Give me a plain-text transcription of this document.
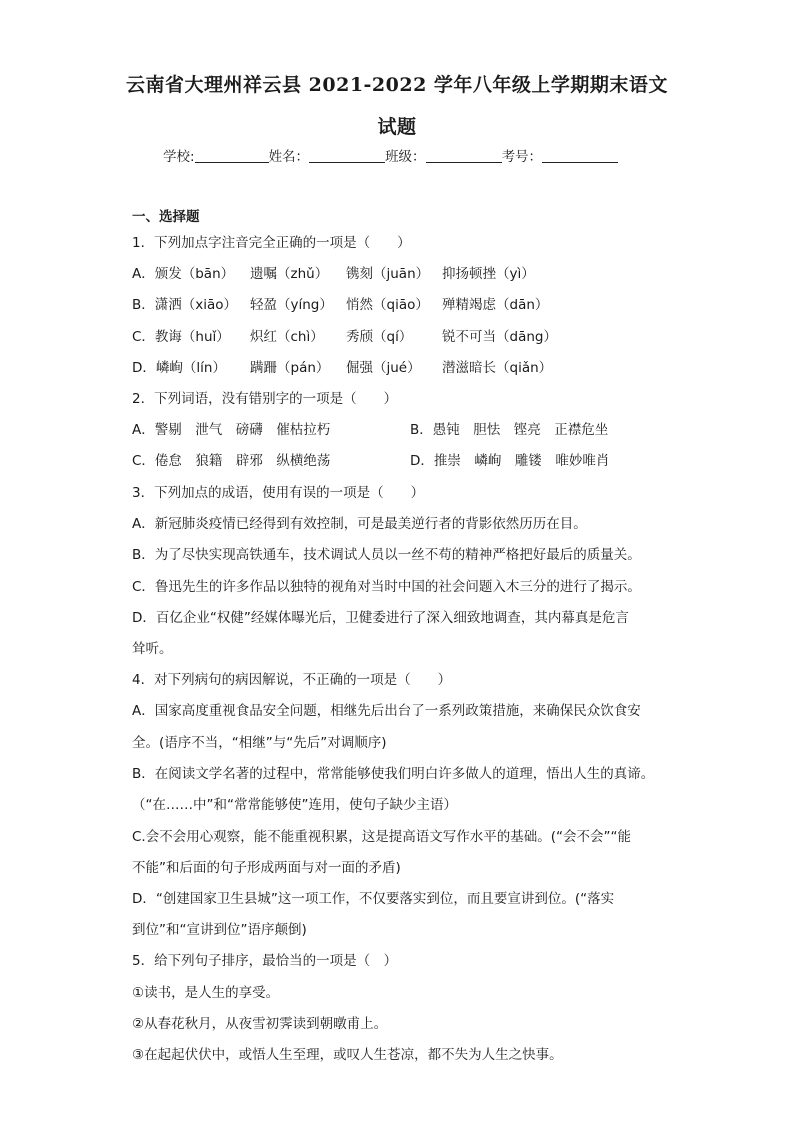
云南省大理州祥云县 2021-2022 学年八年级上学期期末语文
试题
学校:	姓名：	班级：	考号：
一、选择题
1．下列加点字注音完全正确的一项是（　　）
A．颁发（bān） 遗嘱（zhǔ） 镌刻（juān） 抑扬顿挫（yì）
B．潇洒（xiāo） 轻盈（yíng） 悄然（qiāo） 殚精竭虑（dān）
C．教诲（huǐ） 炽红（chì） 秀颀（qí） 锐不可当（dāng）
D．嶙峋（lín） 蹒跚（pán） 倔强（jué） 潜滋暗长（qiǎn）
2．下列词语，没有错别字的一项是（　　）
A．警剔　泄气　磅礴　催枯拉朽	B．愚钝　胆怯　铿亮　正襟危坐
C．倦怠　狼籍　辟邪　纵横绝荡	D．推崇　嶙峋　雕镂　唯妙唯肖
3．下列加点的成语，使用有误的一项是（　　）
A．新冠肺炎疫情已经得到有效控制，可是最美逆行者的背影依然历历在目。
B．为了尽快实现高铁通车，技术调试人员以一丝不苟的精神严格把好最后的质量关。
C．鲁迅先生的许多作品以独特的视角对当时中国的社会问题入木三分的进行了揭示。
D．百亿企业“权健”经媒体曝光后，卫健委进行了深入细致地调查，其内幕真是危言
耸听。
4．对下列病句的病因解说，不正确的一项是（　　）
A．国家高度重视食品安全问题，相继先后出台了一系列政策措施，来确保民众饮食安
全。(语序不当，“相继”与“先后”对调顺序)
B．在阅读文学名著的过程中，常常能够使我们明白许多做人的道理，悟出人生的真谛。
（“在……中”和“常常能够使”连用，使句子缺少主语）
C.会不会用心观察，能不能重视积累，这是提高语文写作水平的基础。(“会不会”“能
不能”和后面的句子形成两面与对一面的矛盾)
D．“创建国家卫生县城”这一项工作，不仅要落实到位，而且要宣讲到位。(“落实
到位”和“宣讲到位”语序颠倒)
5．给下列句子排序，最恰当的一项是（　）
①读书，是人生的享受。
②从春花秋月，从夜雪初霁读到朝暾甫上。
③在起起伏伏中，或悟人生至理，或叹人生苍凉，都不失为人生之快事。
